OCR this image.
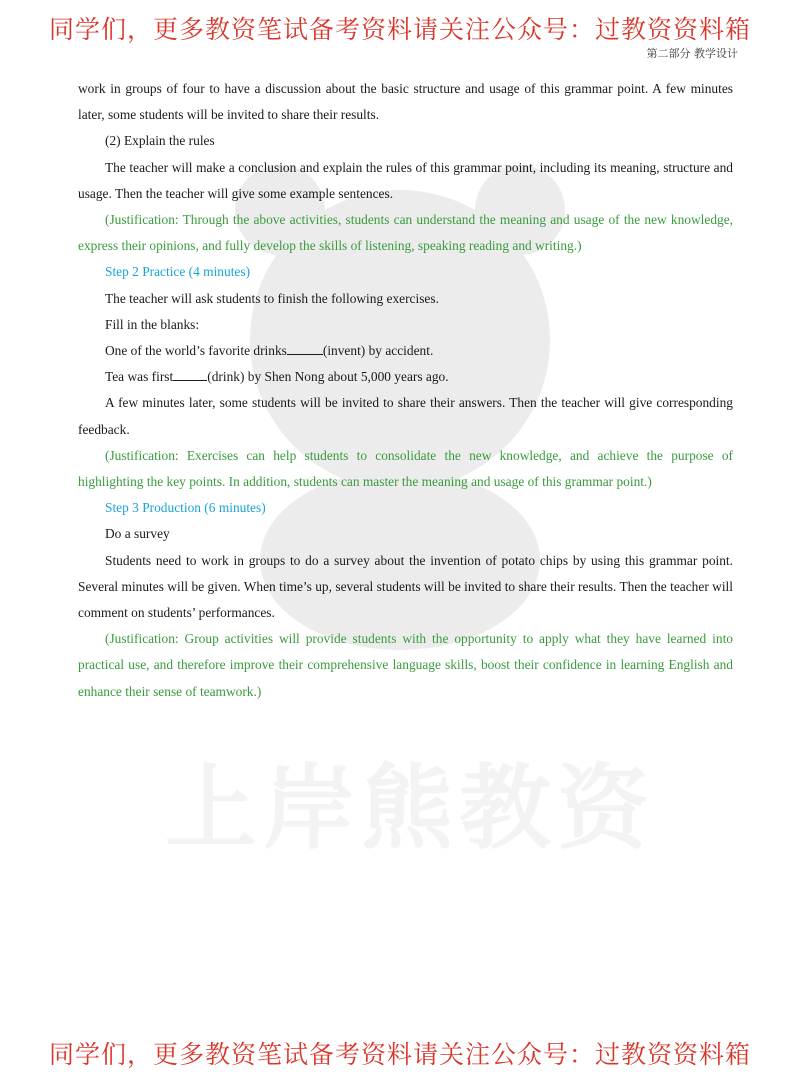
同学们，更多教资笔试备考资料请关注公众号：过教资资料箱
第二部分 教学设计

work in groups of four to have a discussion about the basic structure and usage of this grammar point. A few minutes later, some students will be invited to share their results.

(2) Explain the rules

The teacher will make a conclusion and explain the rules of this grammar point, including its meaning, structure and usage. Then the teacher will give some example sentences.

(Justification: Through the above activities, students can understand the meaning and usage of the new knowledge, express their opinions, and fully develop the skills of listening, speaking reading and writing.)

Step 2 Practice (4 minutes)

The teacher will ask students to finish the following exercises.

Fill in the blanks:

One of the world’s favorite drinks	(invent) by accident.

Tea was first	(drink) by Shen Nong about 5,000 years ago.

A few minutes later, some students will be invited to share their answers. Then the teacher will give corresponding feedback.

(Justification: Exercises can help students to consolidate the new knowledge, and achieve the purpose of highlighting the key points. In addition, students can master the meaning and usage of this grammar point.)

Step 3 Production (6 minutes)

Do a survey

Students need to work in groups to do a survey about the invention of potato chips by using this grammar point. Several minutes will be given. When time’s up, several students will be invited to share their results. Then the teacher will comment on students’ performances.

(Justification: Group activities will provide students with the opportunity to apply what they have learned into practical use, and therefore improve their comprehensive language skills, boost their confidence in learning English and enhance their sense of teamwork.)

同学们，更多教资笔试备考资料请关注公众号：过教资资料箱
